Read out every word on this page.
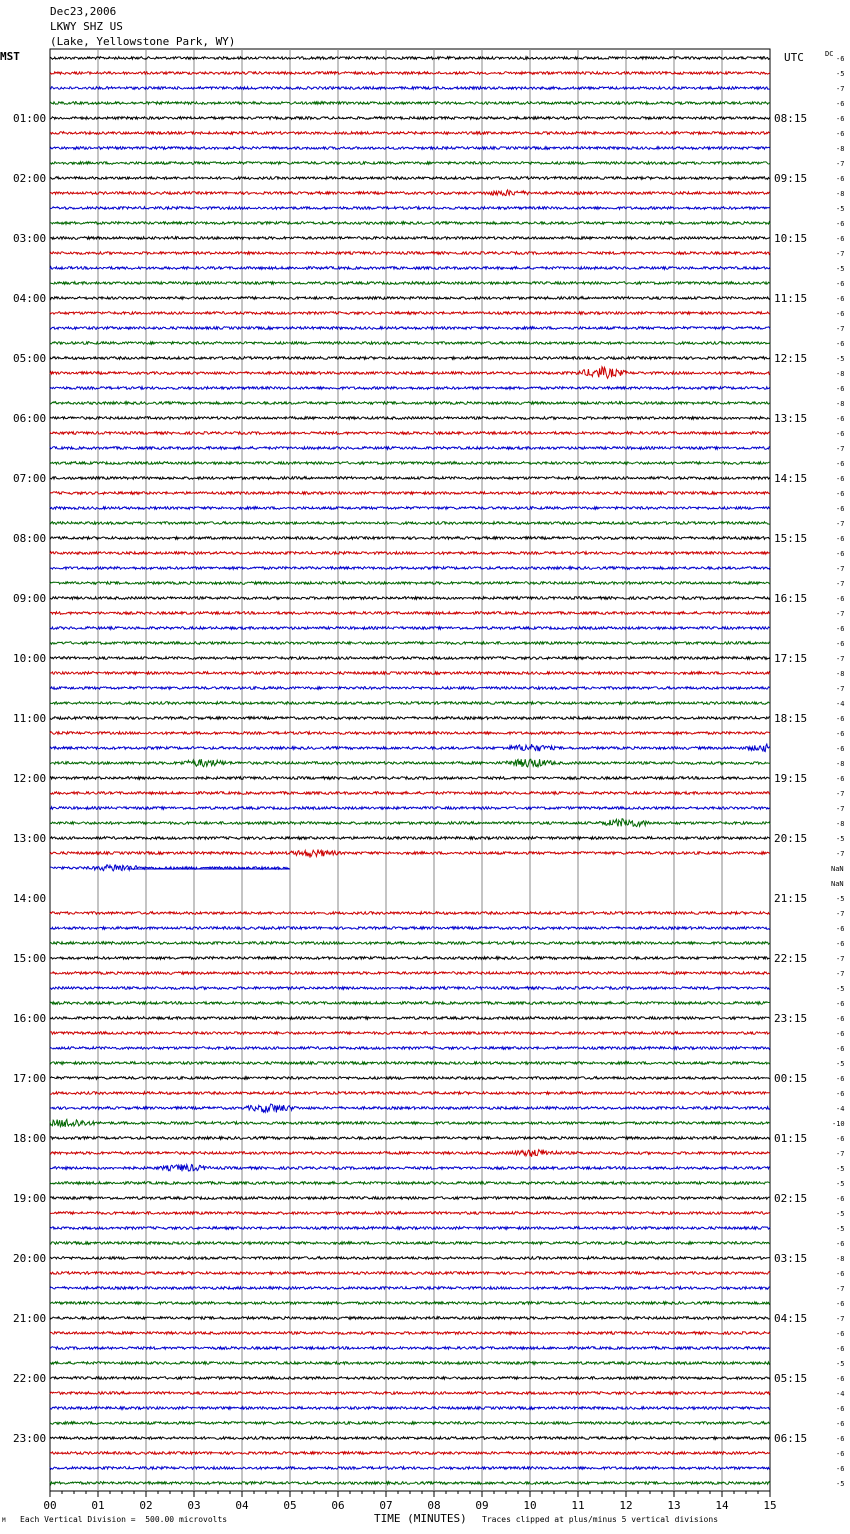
Dec23,2006
LKWY SHZ US
(Lake, Yellowstone Park, WY)
01:00	08:15
02:00	09:15
03:00	10:15
04:00	11:15
05:00	12:15
06:00	13:15
07:00	14:15
08:00	15:15
09:00	16:15
10:00	17:15
11:00	18:15
12:00	19:15
13:00	20:15
14:00	21:15
15:00	22:15
16:00	23:15
17:00	00:15
18:00	01:15
19:00	02:15
20:00	03:15
21:00	04:15
22:00	05:15
23:00	06:15
-6
-5
-7
-6
-6
-6
-8
-7
-6
-8
-5
-6
-6
-7
-5
-6
-6
-6
-7
-6
-5
-8
-6
-8
-6
-6
-7
-6
-6
-6
-6
-7
-6
-6
-7
-7
-6
-7
-6
-6
-7
-8
-7
-4
-6
-6
-6
-8
-6
-7
-7
-8
-5
-7
NaN
NaN
-5
-7
-6
-6
-7
-7
-5
-6
-6
-6
-6
-5
-6
-6
-4
-10
-6
-7
-5
-5
-6
-5
-5
-6
-8
-6
-7
-6
-7
-6
-6
-5
-6
-4
-6
-6
-6
-6
-6
-5
00	01	02	03	04	05	06	07	08	09	10	11	12	13	14	15
MST	UTC	DC
TIME (MINUTES)
Each Vertical Division =  500.00 microvolts	Traces clipped at plus/minus 5 vertical divisions
M
